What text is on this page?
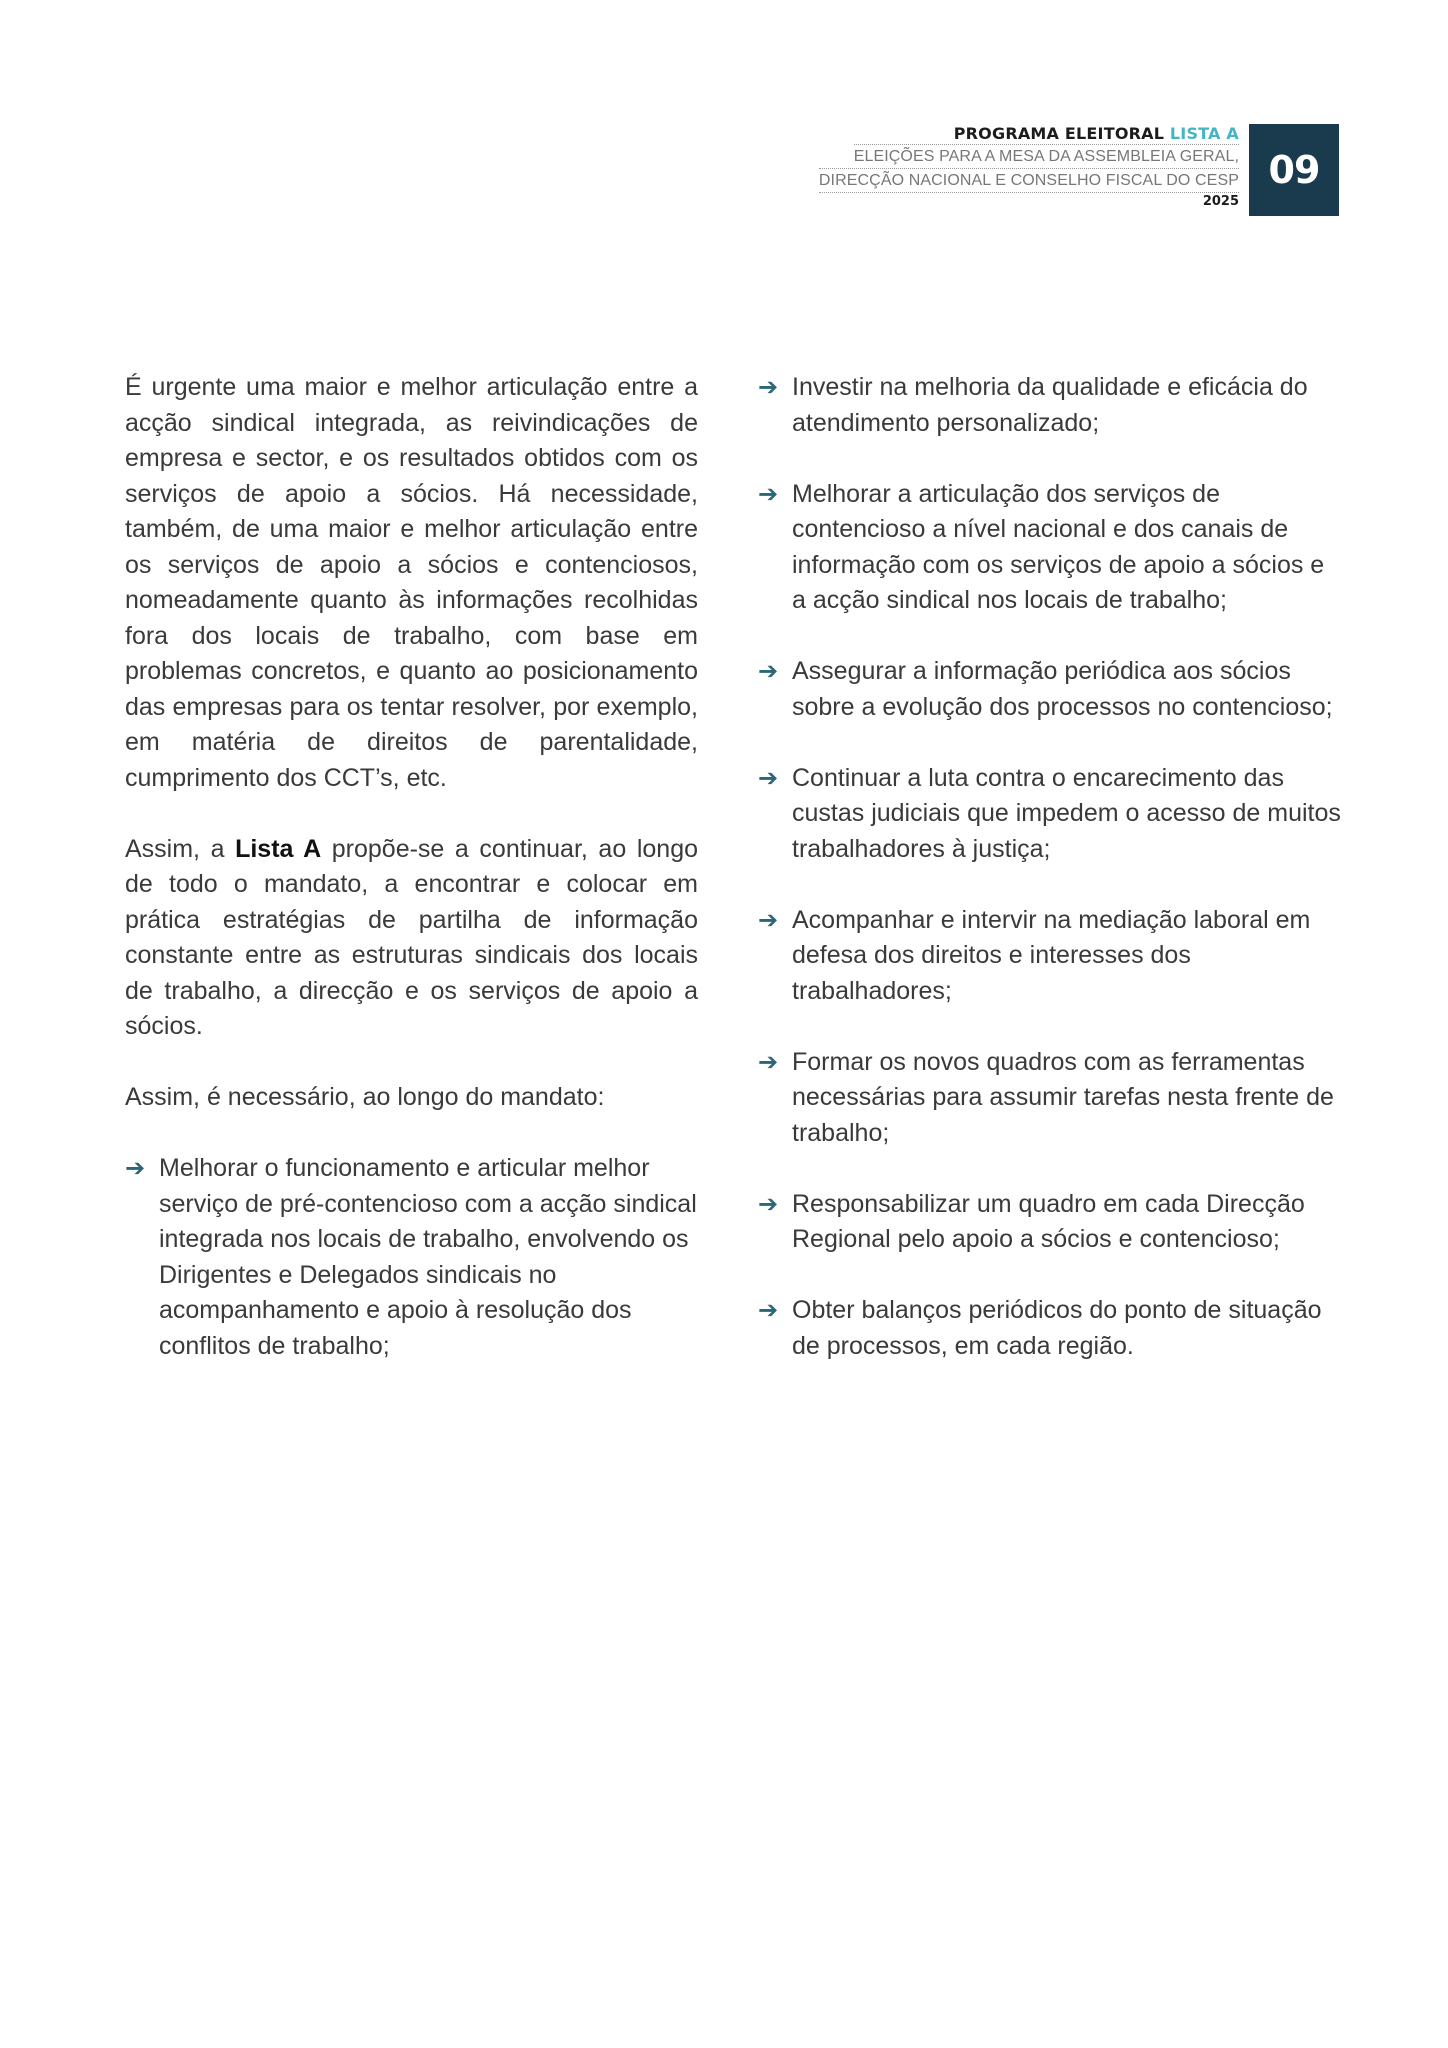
PROGRAMA ELEITORAL LISTA A
ELEIÇÕES PARA A MESA DA ASSEMBLEIA GERAL,
DIRECÇÃO NACIONAL E CONSELHO FISCAL DO CESP
2025
09

É urgente uma maior e melhor articulação entre a acção sindical integrada, as reivindicações de empresa e sector, e os resultados obtidos com os serviços de apoio a sócios. Há necessidade, também, de uma maior e melhor articulação entre os serviços de apoio a sócios e contenciosos, nomeadamente quanto às informações recolhidas fora dos locais de trabalho, com base em problemas concretos, e quanto ao posicionamento das empresas para os tentar resolver, por exemplo, em matéria de direitos de parentalidade, cumprimento dos CCT’s, etc.

Assim, a Lista A propõe-se a continuar, ao longo de todo o mandato, a encontrar e colocar em prática estratégias de partilha de informação constante entre as estruturas sindicais dos locais de trabalho, a direcção e os serviços de apoio a sócios.

Assim, é necessário, ao longo do mandato:

➔ Melhorar o funcionamento e articular melhor serviço de pré-contencioso com a acção sindical integrada nos locais de trabalho, envolvendo os Dirigentes e Delegados sindicais no acompanhamento e apoio à resolução dos conflitos de trabalho;
➔ Investir na melhoria da qualidade e eficácia do atendimento personalizado;
➔ Melhorar a articulação dos serviços de contencioso a nível nacional e dos canais de informação com os serviços de apoio a sócios e a acção sindical nos locais de trabalho;
➔ Assegurar a informação periódica aos sócios sobre a evolução dos processos no contencioso;
➔ Continuar a luta contra o encarecimento das custas judiciais que impedem o acesso de muitos trabalhadores à justiça;
➔ Acompanhar e intervir na mediação laboral em defesa dos direitos e interesses dos trabalhadores;
➔ Formar os novos quadros com as ferramentas necessárias para assumir tarefas nesta frente de trabalho;
➔ Responsabilizar um quadro em cada Direcção Regional pelo apoio a sócios e contencioso;
➔ Obter balanços periódicos do ponto de situação de processos, em cada região.
